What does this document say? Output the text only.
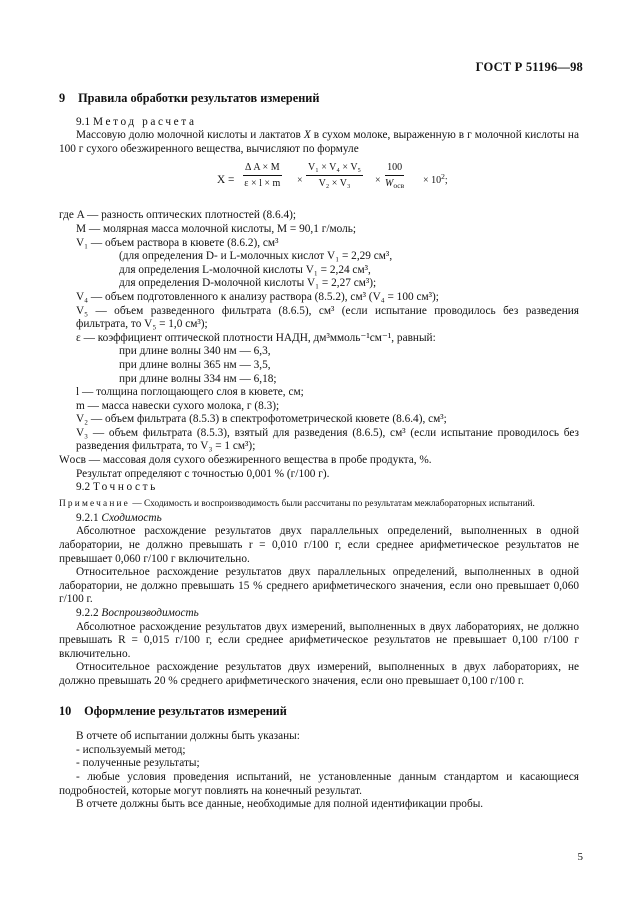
ГОСТ Р 51196—98
9 Правила обработки результатов измерений

9.1 Метод расчета

Массовую долю молочной кислоты и лактатов X в сухом молоке, выраженную в г молочной кислоты на 100 г сухого обезжиренного вещества, вычисляют по формуле

$X = \frac{\text{Δ A × M}}{\varepsilon \times l \times m} \times \frac{\text{V₁ × V₄ × V₅}}{\text{V₂ × V₃}}$ ×
100
$W_{осв} \times 10^2$;

где A — разность оптических плотностей (8.6.4);

M — молярная масса молочной кислоты, M = 90,1 г/моль;

V₁ — объем раствора в кювете (8.6.2), см³

(для определения D- и L-молочных кислот V₁ = 2,29 см³,

для определения L-молочной кислоты V₁ = 2,24 см³,

для определения D-молочной кислоты V₁ = 2,27 см³);

V₄ — объем подготовленного к анализу раствора (8.5.2), см³ (V₄ = 100 см³);

V₅ — объем разведенного фильтрата (8.6.5), см³ (если испытание проводилось без разведения фильтрата, то V₅ = 1,0 см³);

ε — коэффициент оптической плотности НАДН, дм³ммоль⁻¹см⁻¹, равный:

при длине волны 340 нм — 6,3,

при длине волны 365 нм — 3,5,

при длине волны 334 нм — 6,18;

l — толщина поглощающего слоя в кювете, см;

m — масса навески сухого молока, г (8.3);

V₂ — объем фильтрата (8.5.3) в спектрофотометрической кювете (8.6.4), см³;

V₃ — объем фильтрата (8.5.3), взятый для разведения (8.6.5), см³ (если испытание проводилось без разведения фильтрата, то V₃ = 1 см³);

Wосв — массовая доля сухого обезжиренного вещества в пробе продукта, %.

Результат определяют с точностью 0,001 % (г/100 г).

9.2 Точность

Примечание — Сходимость и воспроизводимость были рассчитаны по результатам межлабораторных испытаний.

9.2.1 Сходимость

Абсолютное расхождение результатов двух параллельных определений, выполненных в одной лаборатории, не должно превышать r = 0,010 г/100 г, если среднее арифметическое результатов не превышает 0,060 г/100 г включительно.

Относительное расхождение результатов двух параллельных определений, выполненных в одной лаборатории, не должно превышать 15 % среднего арифметического значения, если оно превышает 0,060 г/100 г.

9.2.2 Воспроизводимость

Абсолютное расхождение результатов двух измерений, выполненных в двух лабораториях, не должно превышать R = 0,015 г/100 г, если среднее арифметическое результатов не превышает 0,100 г/100 г включительно.

Относительное расхождение результатов двух измерений, выполненных в двух лабораториях, не должно превышать 20 % среднего арифметического значения, если оно превышает 0,100 г/100 г.

10 Оформление результатов измерений

В отчете об испытании должны быть указаны:

- используемый метод;

- полученные результаты;

- любые условия проведения испытаний, не установленные данным стандартом и касающиеся подробностей, которые могут повлиять на конечный результат.

В отчете должны быть все данные, необходимые для полной идентификации пробы.

5
